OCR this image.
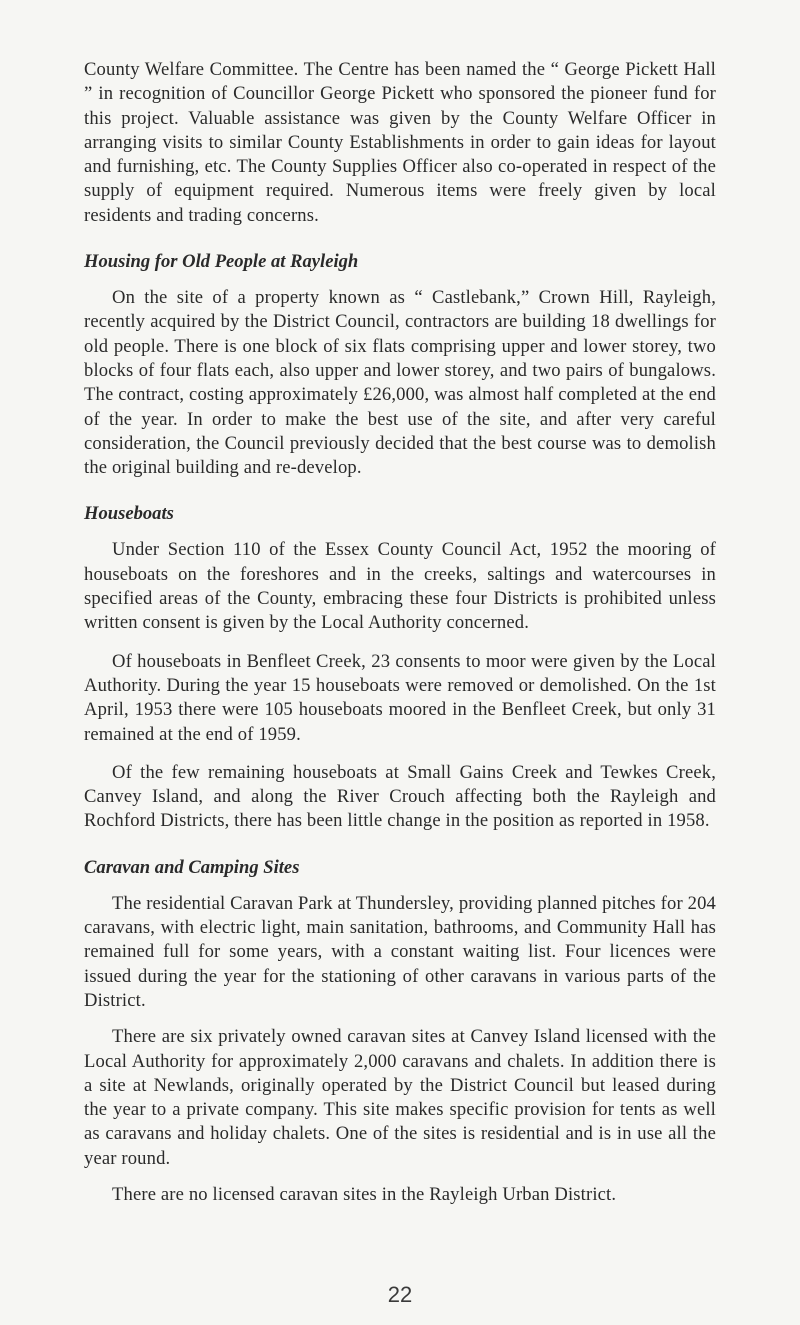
County Welfare Committee. The Centre has been named the “ George Pickett Hall ” in recognition of Councillor George Pickett who sponsored the pioneer fund for this project. Valuable assistance was given by the County Welfare Officer in arranging visits to similar County Establishments in order to gain ideas for layout and furnishing, etc. The County Supplies Officer also co-operated in respect of the supply of equipment required. Numerous items were freely given by local residents and trading concerns.

Housing for Old People at Rayleigh

On the site of a property known as “ Castlebank,” Crown Hill, Rayleigh, recently acquired by the District Council, contractors are building 18 dwellings for old people. There is one block of six flats comprising upper and lower storey, two blocks of four flats each, also upper and lower storey, and two pairs of bungalows. The contract, costing approximately £26,000, was almost half completed at the end of the year. In order to make the best use of the site, and after very careful consideration, the Council previously decided that the best course was to demolish the original building and re-develop.

Houseboats

Under Section 110 of the Essex County Council Act, 1952 the mooring of houseboats on the foreshores and in the creeks, saltings and watercourses in specified areas of the County, embracing these four Districts is prohibited unless written consent is given by the Local Authority concerned.

Of houseboats in Benfleet Creek, 23 consents to moor were given by the Local Authority. During the year 15 houseboats were removed or demolished. On the 1st April, 1953 there were 105 houseboats moored in the Benfleet Creek, but only 31 remained at the end of 1959.

Of the few remaining houseboats at Small Gains Creek and Tewkes Creek, Canvey Island, and along the River Crouch affecting both the Rayleigh and Rochford Districts, there has been little change in the position as reported in 1958.

Caravan and Camping Sites

The residential Caravan Park at Thundersley, providing planned pitches for 204 caravans, with electric light, main sanitation, bathrooms, and Community Hall has remained full for some years, with a constant waiting list. Four licences were issued during the year for the stationing of other caravans in various parts of the District.

There are six privately owned caravan sites at Canvey Island licensed with the Local Authority for approximately 2,000 caravans and chalets. In addition there is a site at Newlands, originally operated by the District Council but leased during the year to a private company. This site makes specific provision for tents as well as caravans and holiday chalets. One of the sites is residential and is in use all the year round.

There are no licensed caravan sites in the Rayleigh Urban District.

22
